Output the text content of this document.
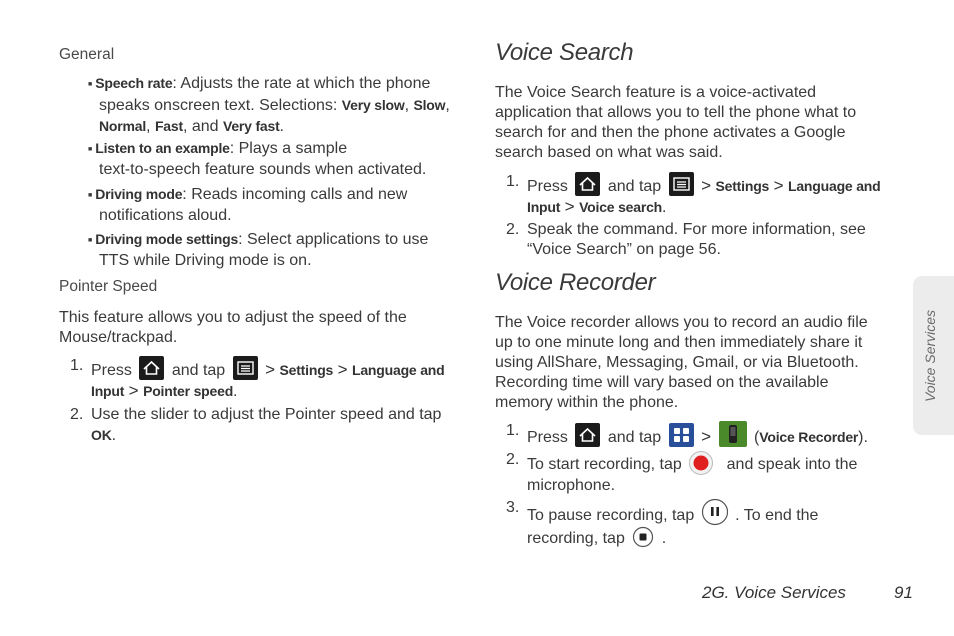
General
■ Speech rate: Adjusts the rate at which the phone
speaks onscreen text. Selections: Very slow, Slow,
Normal, Fast, and Very fast.
■ Listen to an example: Plays a sample
text-to-speech feature sounds when activated.
■ Driving mode: Reads incoming calls and new
notifications aloud.
■ Driving mode settings: Select applications to use
TTS while Driving mode is on.
Pointer Speed
This feature allows you to adjust the speed of the
Mouse/trackpad.
1. Press and tap > Settings > Language and
Input > Pointer speed.
2. Use the slider to adjust the Pointer speed and tap
OK.
Voice Search
The Voice Search feature is a voice-activated
application that allows you to tell the phone what to
search for and then the phone activates a Google
search based on what was said.
1. Press and tap > Settings > Language and
Input > Voice search.
2. Speak the command. For more information, see
“Voice Search” on page 56.
Voice Recorder
The Voice recorder allows you to record an audio file
up to one minute long and then immediately share it
using AllShare, Messaging, Gmail, or via Bluetooth.
Recording time will vary based on the available
memory within the phone.
1. Press and tap >	(Voice Recorder).
2. To start recording, tap	and speak into the
microphone.
3. To pause recording, tap	. To end the
recording, tap .
Voice Services
2G. Voice Services	91
